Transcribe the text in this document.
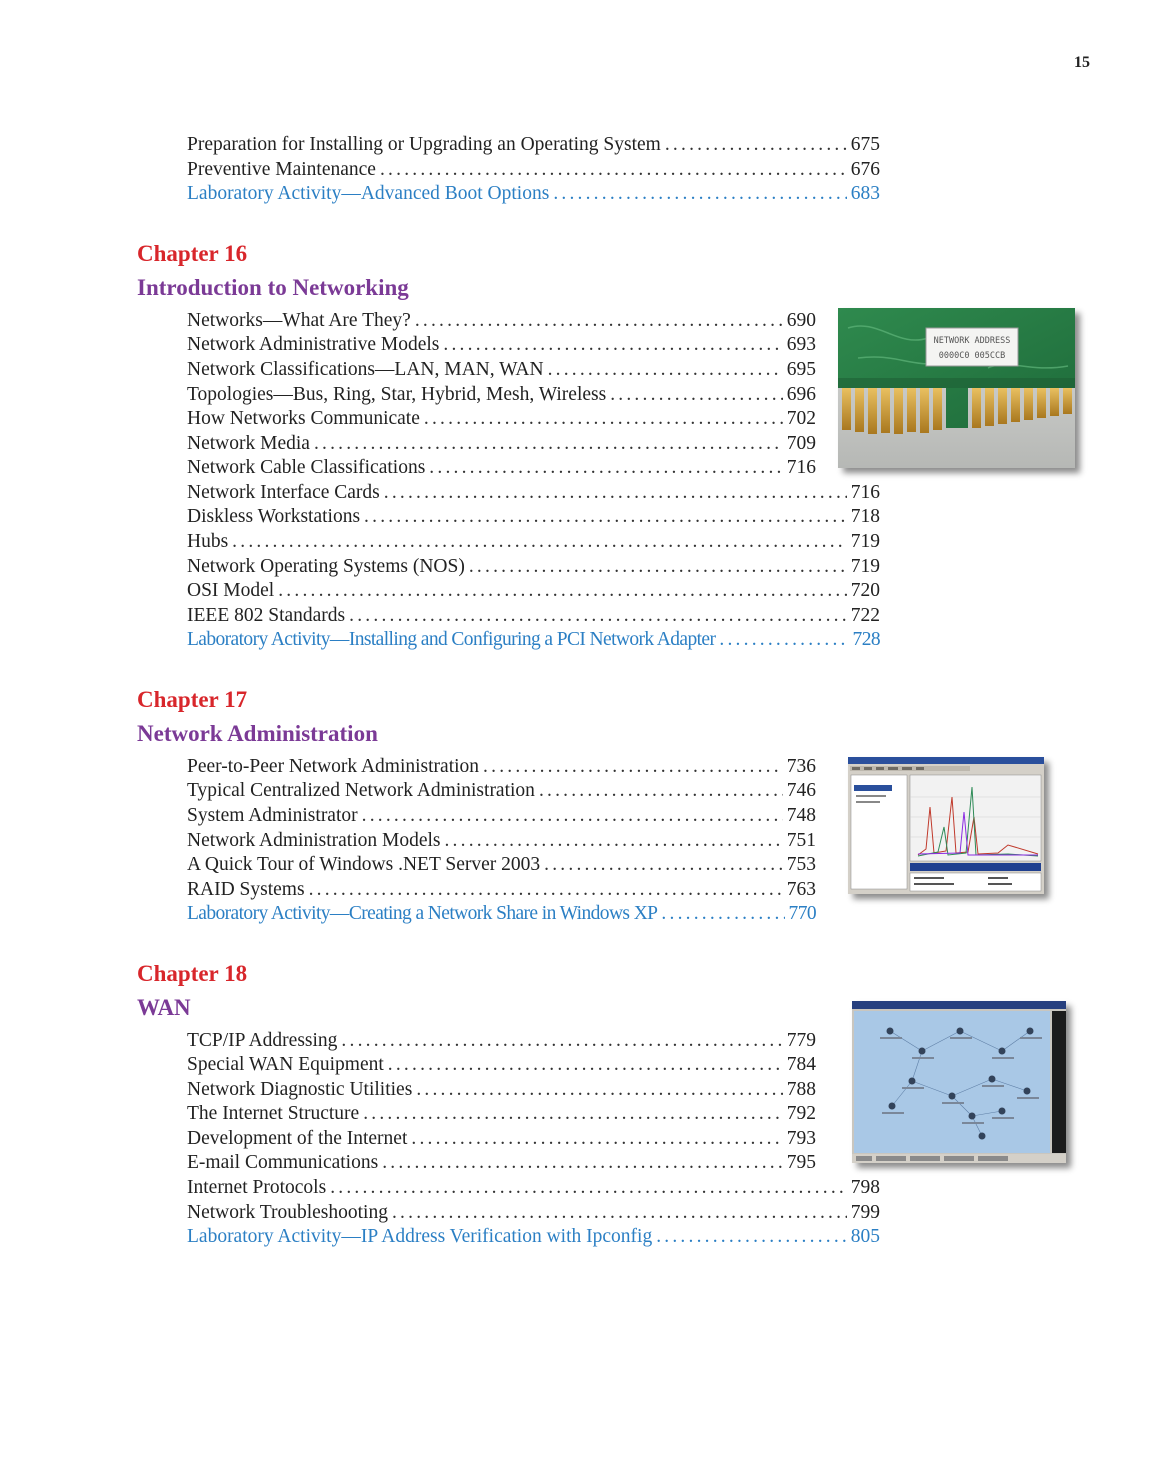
15
Preparation for Installing or Upgrading an Operating System .....	675
Preventive Maintenance .....	676
Laboratory Activity—Advanced Boot Options .....	683
Chapter 16
Introduction to Networking
Networks—What Are They? .....	690
Network Administrative Models .....	693
Network Classifications—LAN, MAN, WAN .....	695
Topologies—Bus, Ring, Star, Hybrid, Mesh, Wireless .....	696
How Networks Communicate .....	702
Network Media .....	709
Network Cable Classifications .....	716
Network Interface Cards .....	716
Diskless Workstations .....	718
Hubs .....	719
Network Operating Systems (NOS) .....	719
OSI Model .....	720
IEEE 802 Standards .....	722
Laboratory Activity—Installing and Configuring a PCI Network Adapter .....	728
NETWORK ADDRESS
0000C0 005CCB
Chapter 17
Network Administration
Peer-to-Peer Network Administration .....	736
Typical Centralized Network Administration .....	746
System Administrator .....	748
Network Administration Models .....	751
A Quick Tour of Windows .NET Server 2003 .....	753
RAID Systems .....	763
Laboratory Activity—Creating a Network Share in Windows XP .....	770
Chapter 18
WAN
TCP/IP Addressing .....	779
Special WAN Equipment .....	784
Network Diagnostic Utilities .....	788
The Internet Structure .....	792
Development of the Internet .....	793
E-mail Communications .....	795
Internet Protocols .....	798
Network Troubleshooting .....	799
Laboratory Activity—IP Address Verification with Ipconfig .....	805
